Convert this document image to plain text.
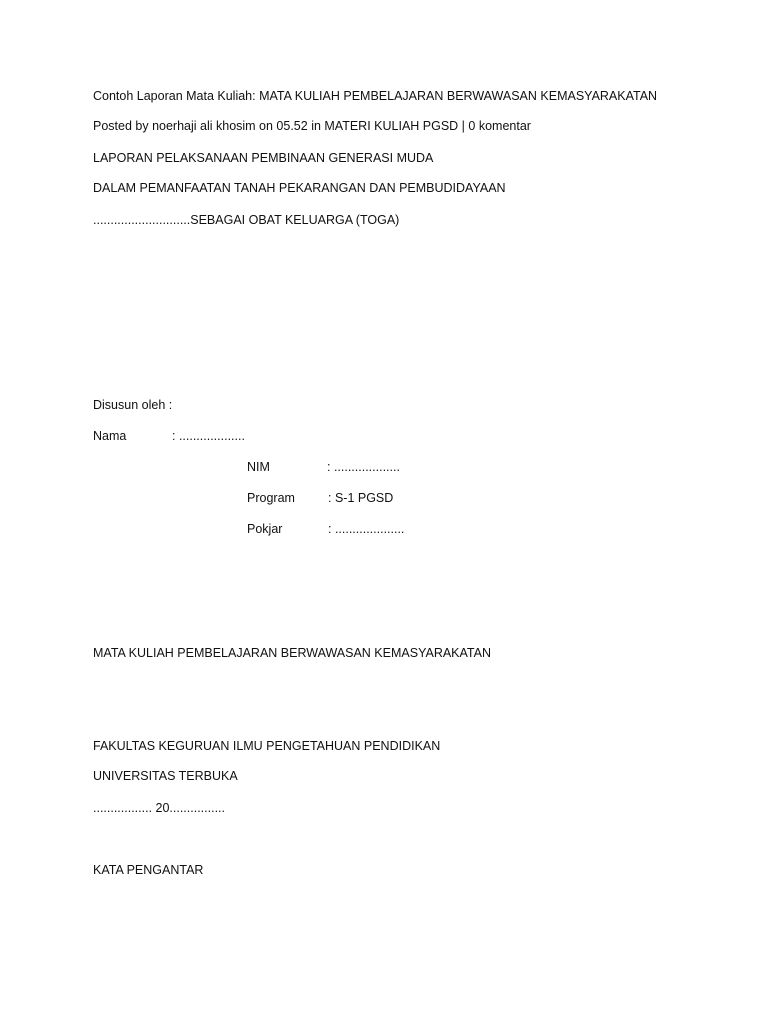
Contoh Laporan Mata Kuliah: MATA KULIAH PEMBELAJARAN BERWAWASAN KEMASYARAKATAN
Posted by noerhaji ali khosim on 05.52 in MATERI KULIAH PGSD | 0 komentar
LAPORAN PELAKSANAAN PEMBINAAN GENERASI MUDA
DALAM PEMANFAATAN TANAH PEKARANGAN DAN PEMBUDIDAYAAN
............................SEBAGAI OBAT KELUARGA (TOGA)
Disusun oleh :
Nama	: ...................
NIM	: ...................
Program	: S-1 PGSD
Pokjar	: ....................
MATA KULIAH PEMBELAJARAN BERWAWASAN KEMASYARAKATAN
FAKULTAS KEGURUAN ILMU PENGETAHUAN PENDIDIKAN
UNIVERSITAS TERBUKA
................. 20................
KATA PENGANTAR
